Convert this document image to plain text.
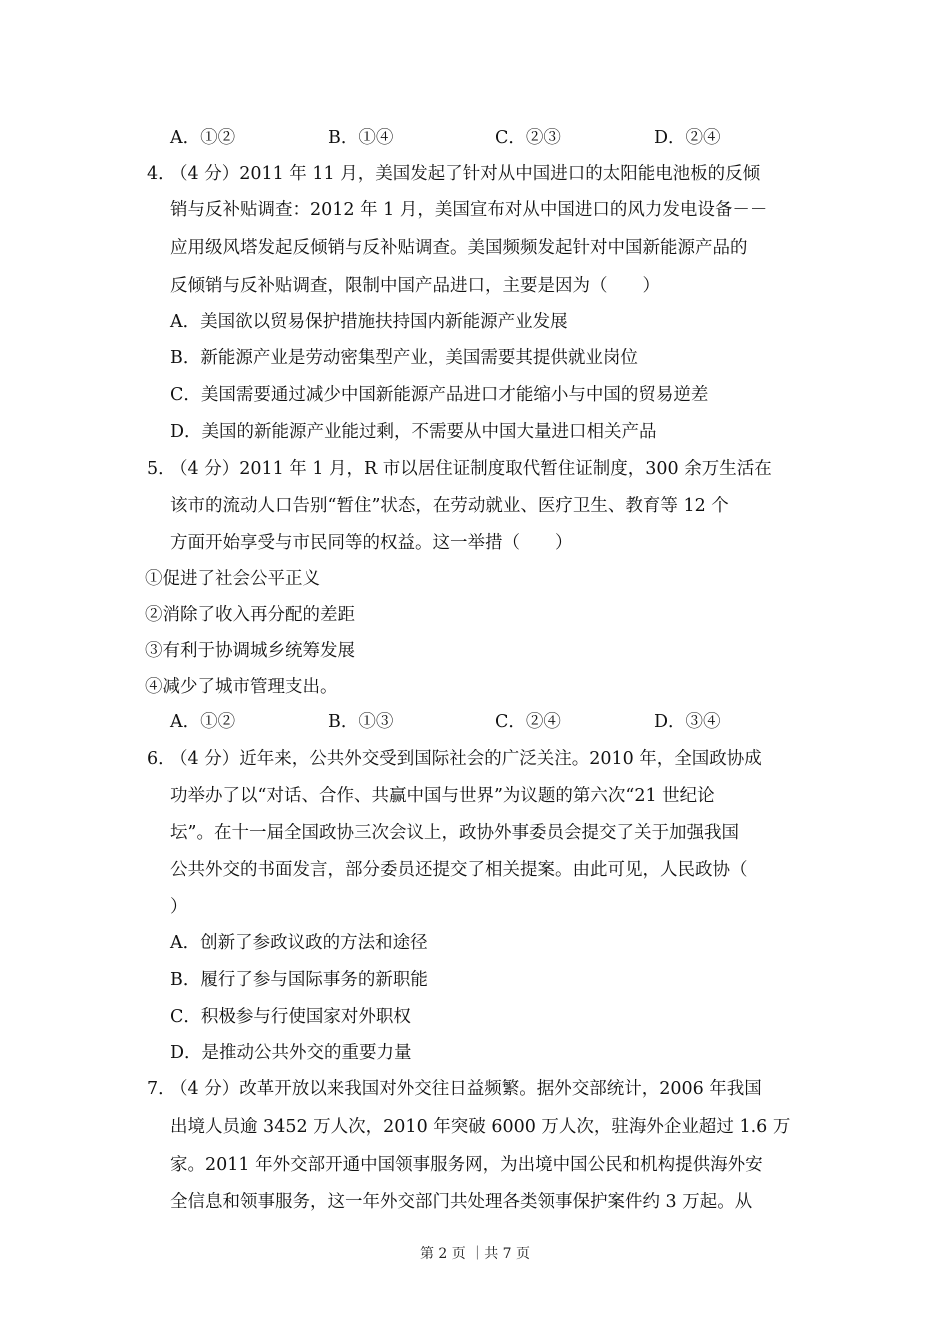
A．①②	B．①④	C．②③	D．②④
4．
（4 分）2011 年 11 月，美国发起了针对从中国进口的太阳能电池板的反倾
销与反补贴调查：2012 年 1 月，美国宣布对从中国进口的风力发电设备－－
应用级风塔发起反倾销与反补贴调查。美国频频发起针对中国新能源产品的
反倾销与反补贴调查，限制中国产品进口，主要是因为（　　）
A．美国欲以贸易保护措施扶持国内新能源产业发展
B．新能源产业是劳动密集型产业，美国需要其提供就业岗位
C．美国需要通过减少中国新能源产品进口才能缩小与中国的贸易逆差
D．美国的新能源产业能过剩，不需要从中国大量进口相关产品
5．
（4 分）2011 年 1 月，R 市以居住证制度取代暂住证制度，300 余万生活在
该市的流动人口告别“暂住”状态，在劳动就业、医疗卫生、教育等 12 个
方面开始享受与市民同等的权益。这一举措（　　）
①促进了社会公平正义
②消除了收入再分配的差距
③有利于协调城乡统筹发展
④减少了城市管理支出。
A．①②	B．①③	C．②④	D．③④
6．
（4 分）近年来，公共外交受到国际社会的广泛关注。2010 年，全国政协成
功举办了以“对话、合作、共赢中国与世界”为议题的第六次“21 世纪论
坛”。在十一届全国政协三次会议上，政协外事委员会提交了关于加强我国
公共外交的书面发言，部分委员还提交了相关提案。由此可见，人民政协（
）
A．创新了参政议政的方法和途径
B．履行了参与国际事务的新职能
C．积极参与行使国家对外职权
D．是推动公共外交的重要力量
7．
（4 分）改革开放以来我国对外交往日益频繁。据外交部统计，2006 年我国
出境人员逾 3452 万人次，2010 年突破 6000 万人次，驻海外企业超过 1.6 万
家。2011 年外交部开通中国领事服务网，为出境中国公民和机构提供海外安
全信息和领事服务，这一年外交部门共处理各类领事保护案件约 3 万起。从
第 2 页 ｜共 7 页
